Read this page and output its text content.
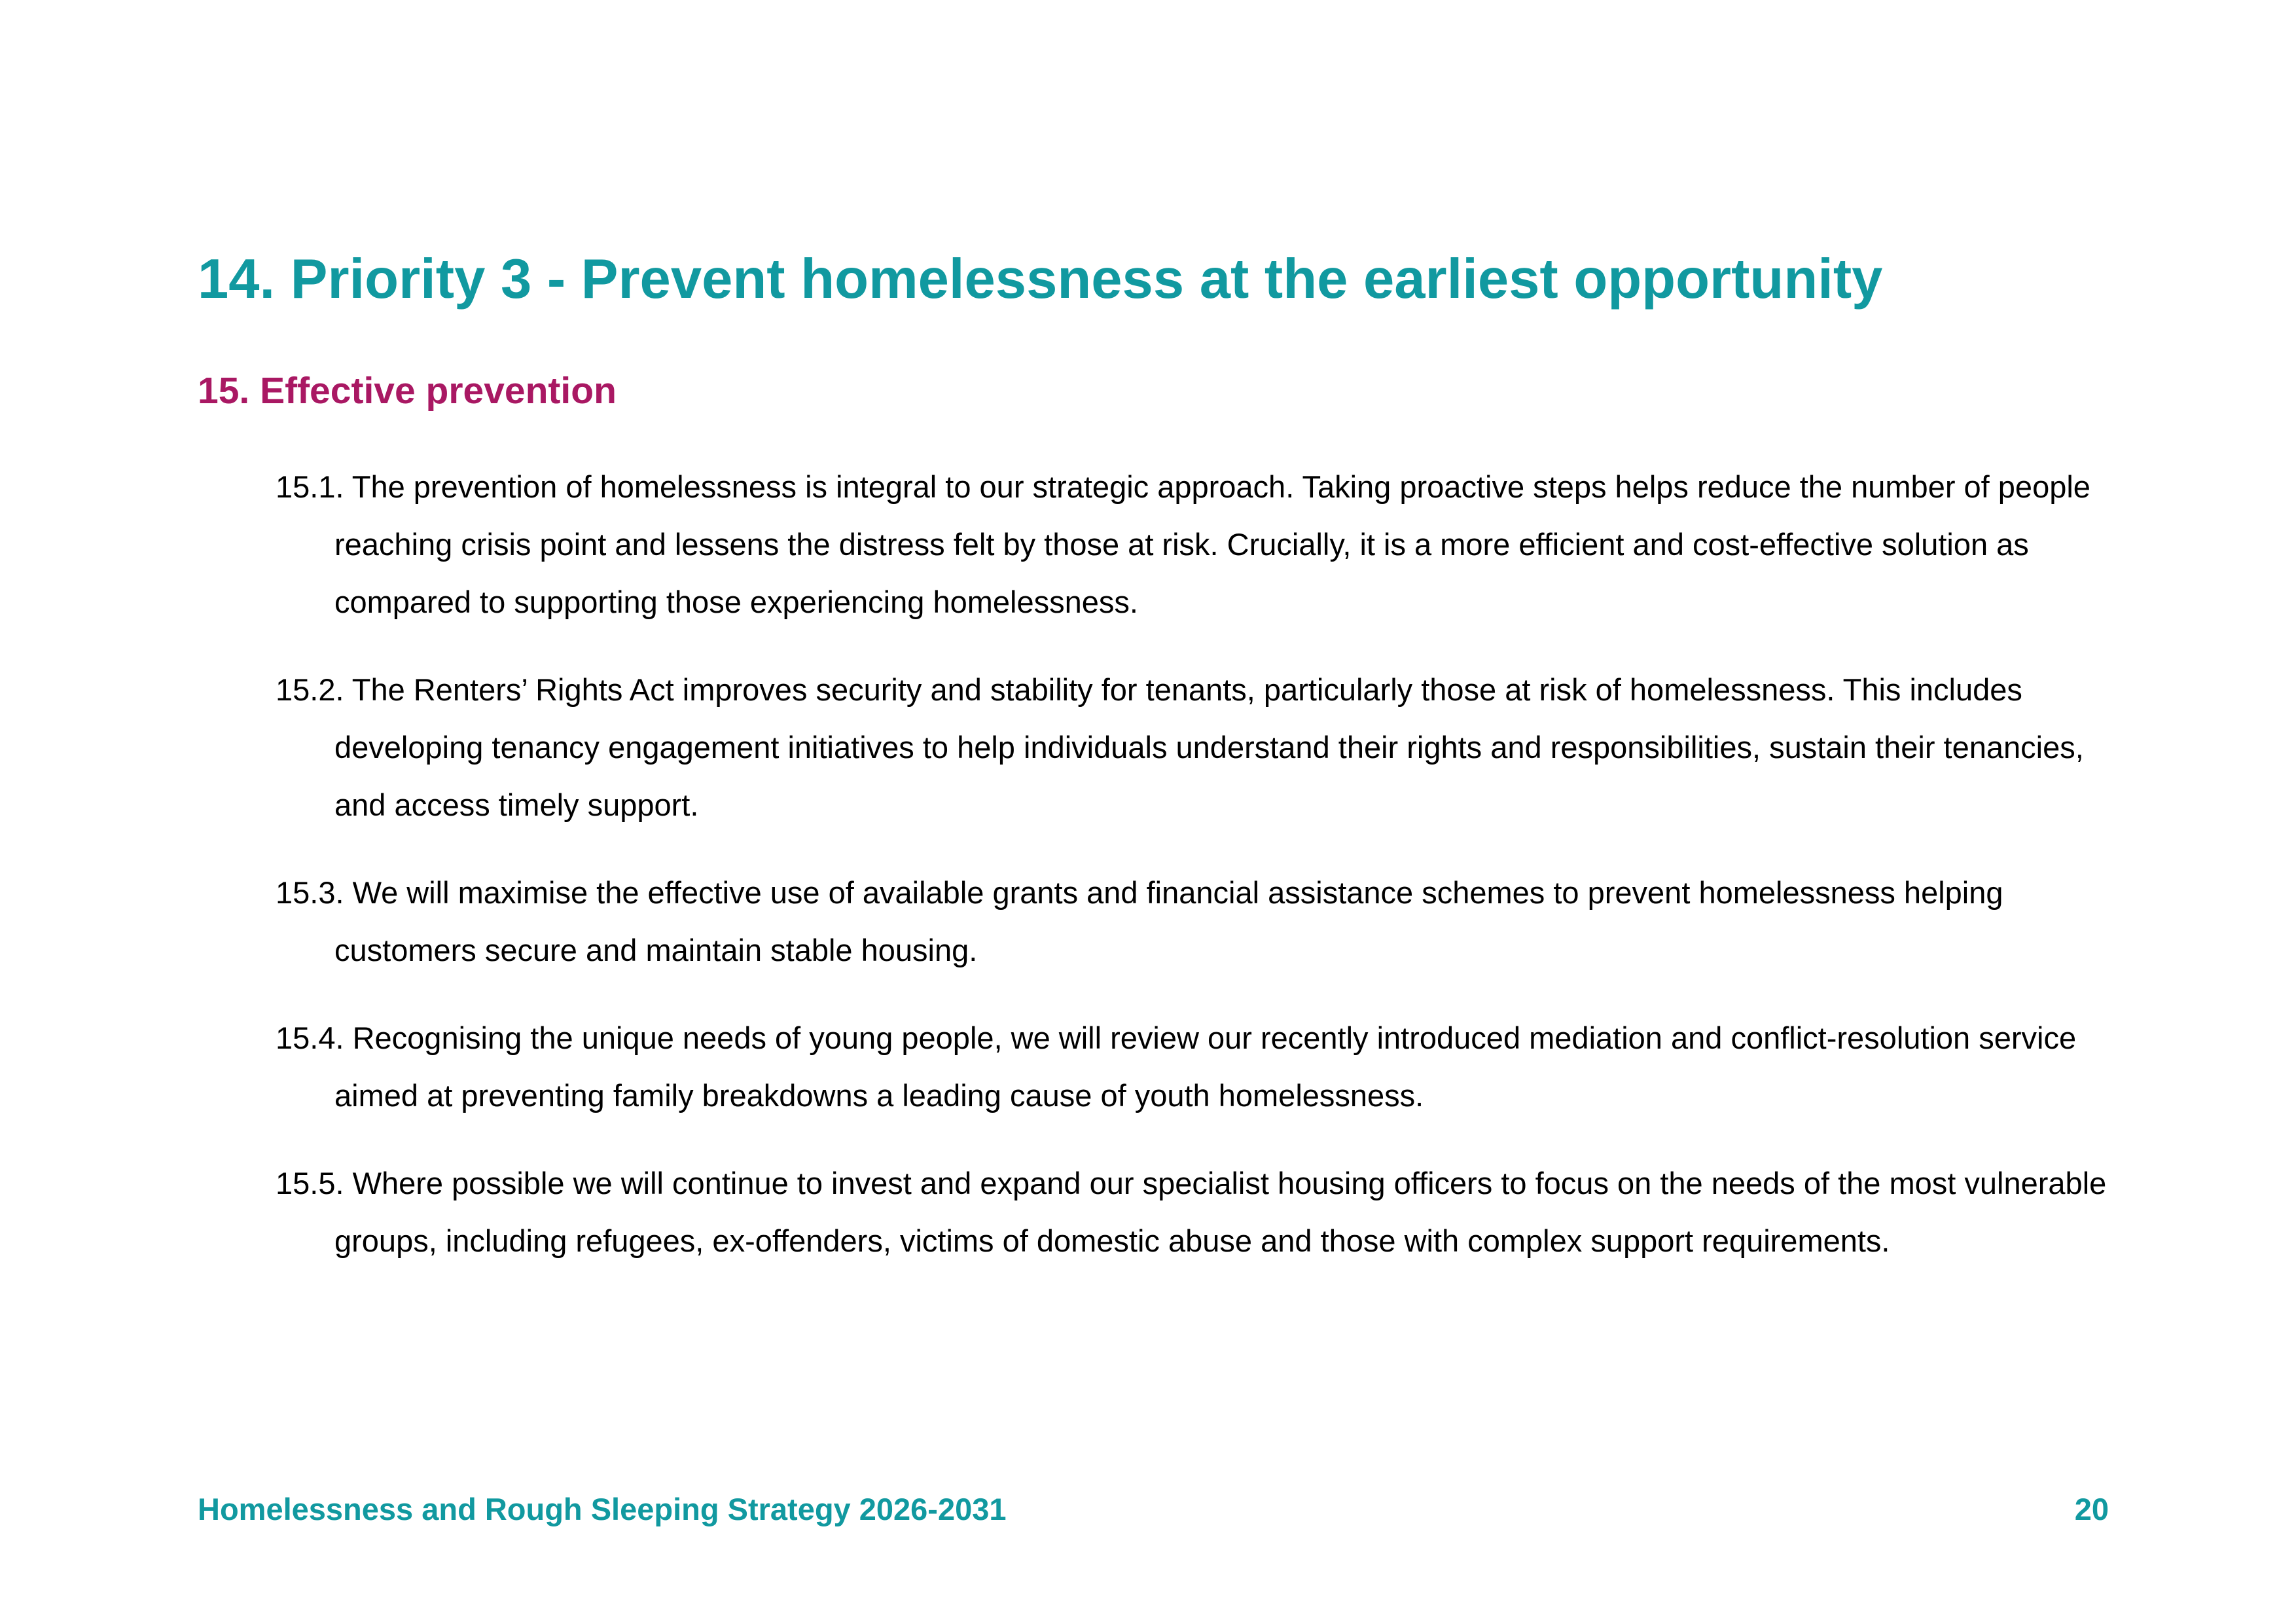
14. Priority 3 - Prevent homelessness at the earliest opportunity
15. Effective prevention
15.1. The prevention of homelessness is integral to our strategic approach. Taking proactive steps helps reduce the number of people reaching crisis point and lessens the distress felt by those at risk. Crucially, it is a more efficient and cost-effective solution as compared to supporting those experiencing homelessness.
15.2. The Renters’ Rights Act improves security and stability for tenants, particularly those at risk of homelessness. This includes developing tenancy engagement initiatives to help individuals understand their rights and responsibilities, sustain their tenancies, and access timely support.
15.3. We will maximise the effective use of available grants and financial assistance schemes to prevent homelessness helping customers secure and maintain stable housing.
15.4. Recognising the unique needs of young people, we will review our recently introduced mediation and conflict-resolution service aimed at preventing family breakdowns a leading cause of youth homelessness.
15.5. Where possible we will continue to invest and expand our specialist housing officers to focus on the needs of the most vulnerable groups, including refugees, ex-offenders, victims of domestic abuse and those with complex support requirements.
Homelessness and Rough Sleeping Strategy 2026-2031	20
